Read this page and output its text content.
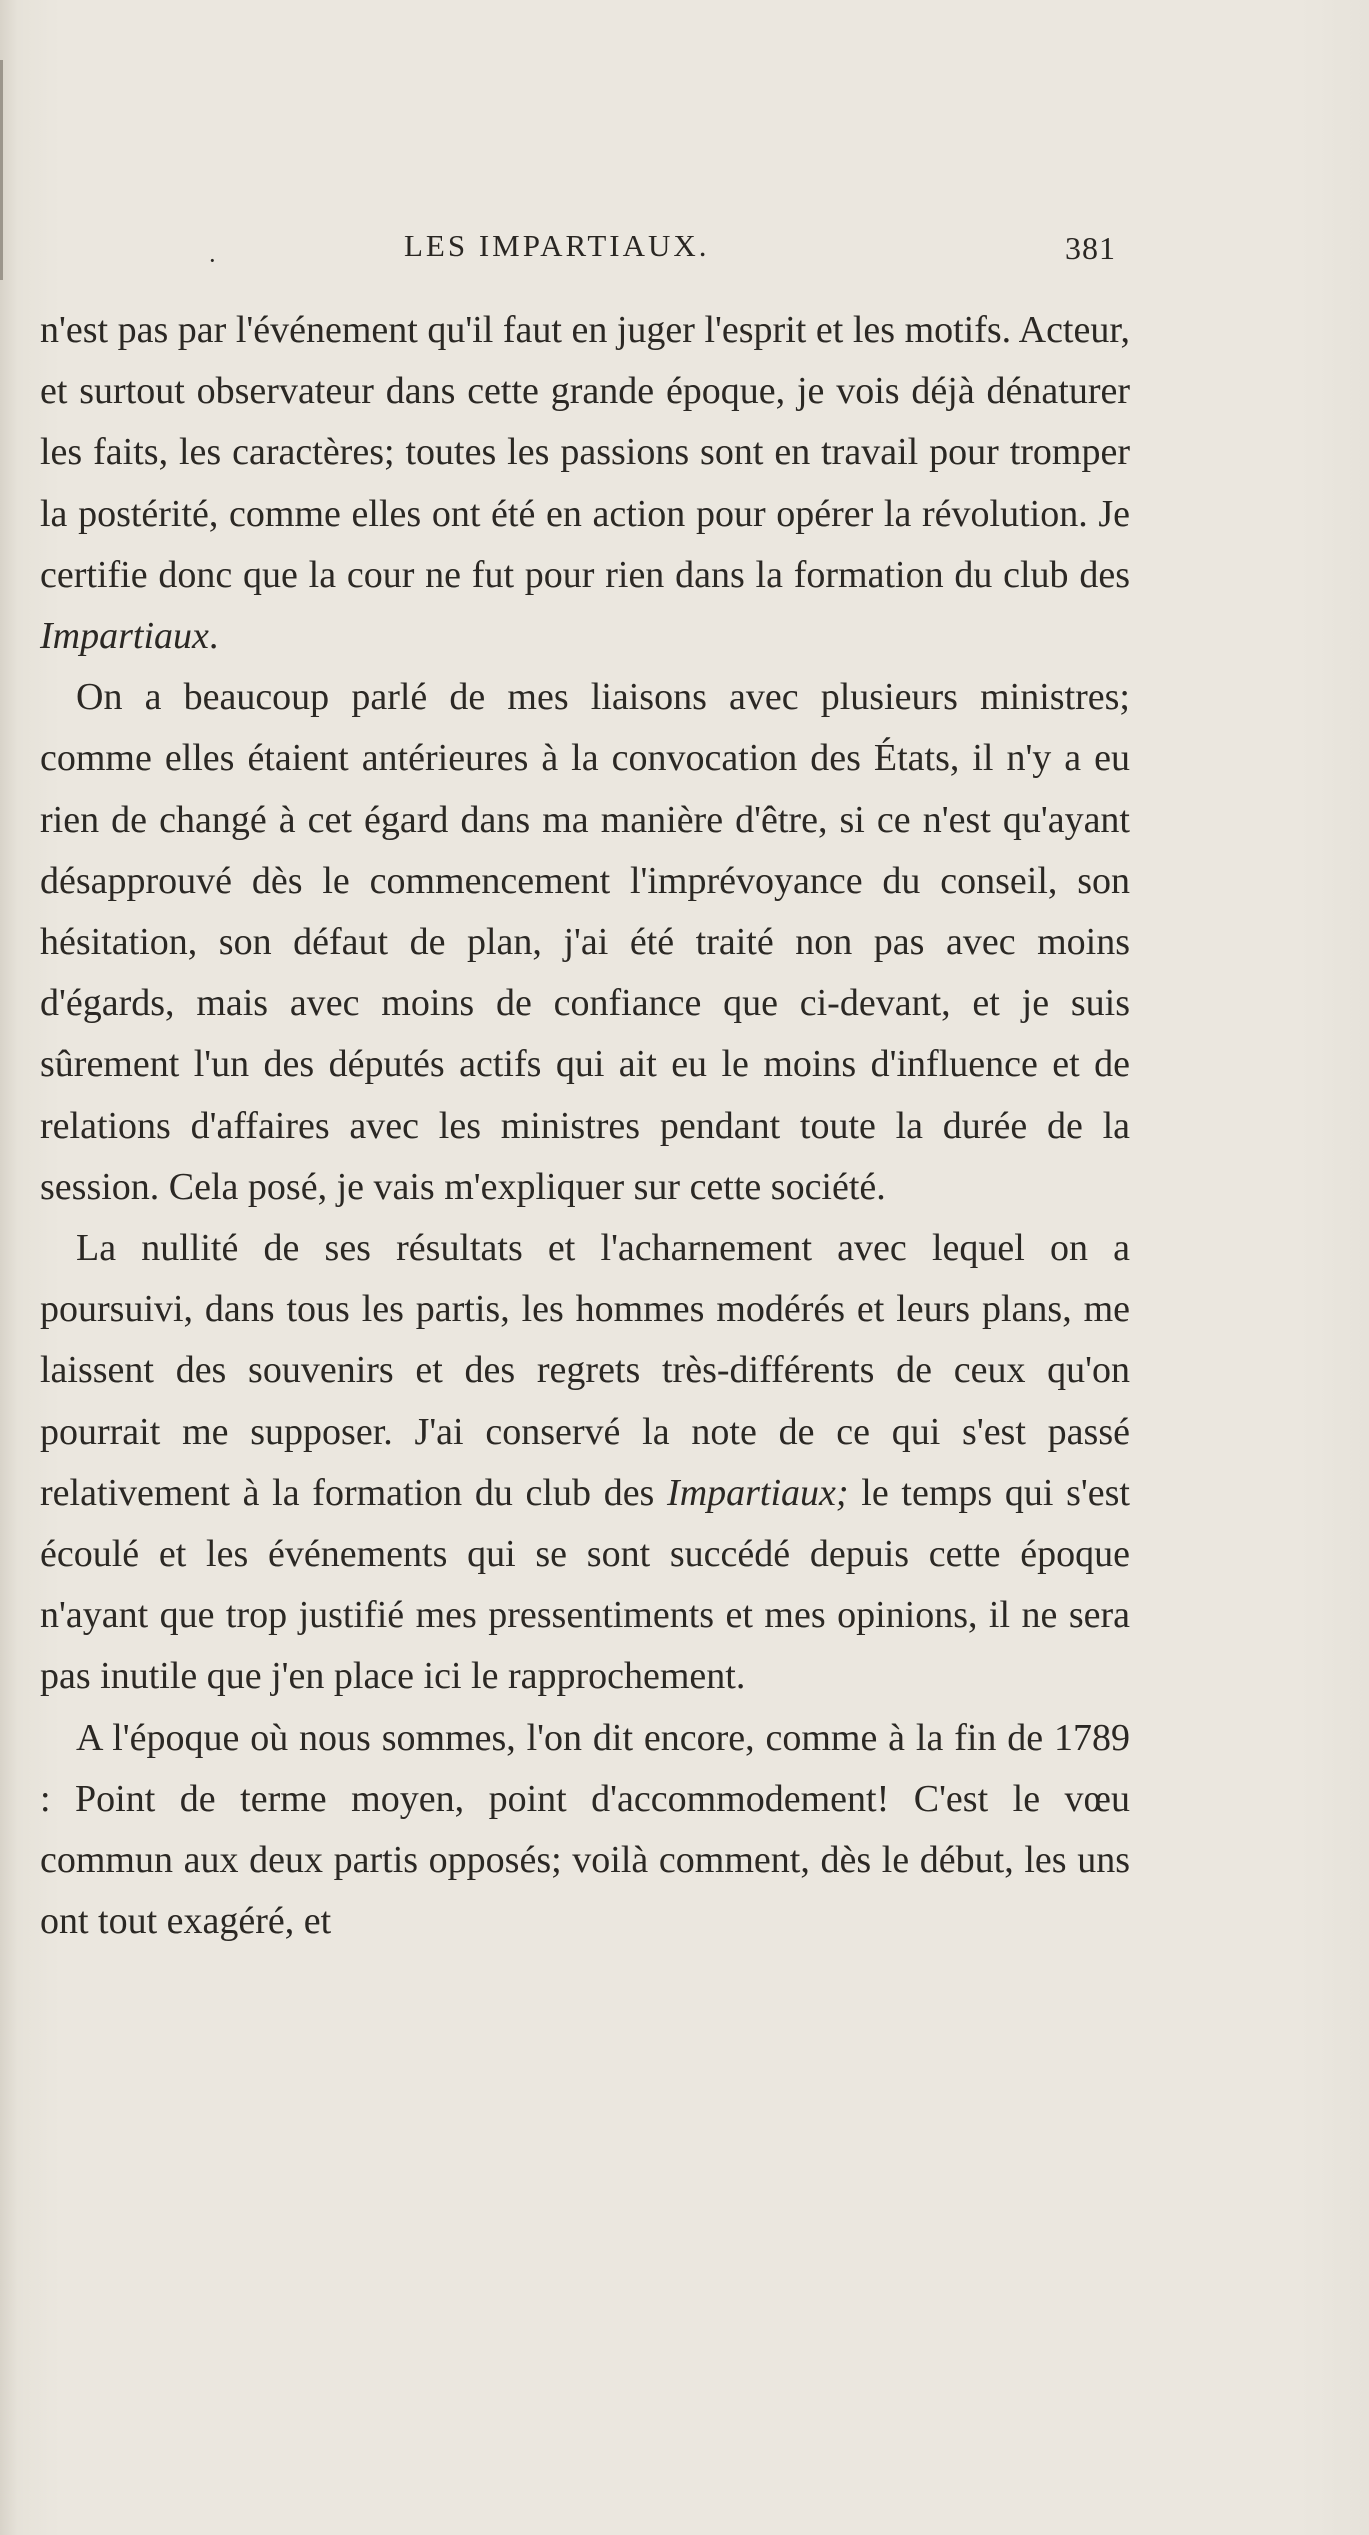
·	LES IMPARTIAUX.	381

n'est pas par l'événement qu'il faut en juger l'esprit et les motifs. Acteur, et surtout observateur dans cette grande époque, je vois déjà dénaturer les faits, les caractères; toutes les passions sont en travail pour tromper la postérité, comme elles ont été en action pour opérer la révolution. Je certifie donc que la cour ne fut pour rien dans la formation du club des Impartiaux.

On a beaucoup parlé de mes liaisons avec plusieurs ministres; comme elles étaient antérieures à la convocation des États, il n'y a eu rien de changé à cet égard dans ma manière d'être, si ce n'est qu'ayant désapprouvé dès le commencement l'imprévoyance du conseil, son hésitation, son défaut de plan, j'ai été traité non pas avec moins d'égards, mais avec moins de confiance que ci-devant, et je suis sûrement l'un des députés actifs qui ait eu le moins d'influence et de relations d'affaires avec les ministres pendant toute la durée de la session. Cela posé, je vais m'expliquer sur cette société.

La nullité de ses résultats et l'acharnement avec lequel on a poursuivi, dans tous les partis, les hommes modérés et leurs plans, me laissent des souvenirs et des regrets très-différents de ceux qu'on pourrait me supposer. J'ai conservé la note de ce qui s'est passé relativement à la formation du club des Impartiaux; le temps qui s'est écoulé et les événements qui se sont succédé depuis cette époque n'ayant que trop justifié mes pressentiments et mes opinions, il ne sera pas inutile que j'en place ici le rapprochement.

A l'époque où nous sommes, l'on dit encore, comme à la fin de 1789 : Point de terme moyen, point d'accommodement! C'est le vœu commun aux deux partis opposés; voilà comment, dès le début, les uns ont tout exagéré, et
